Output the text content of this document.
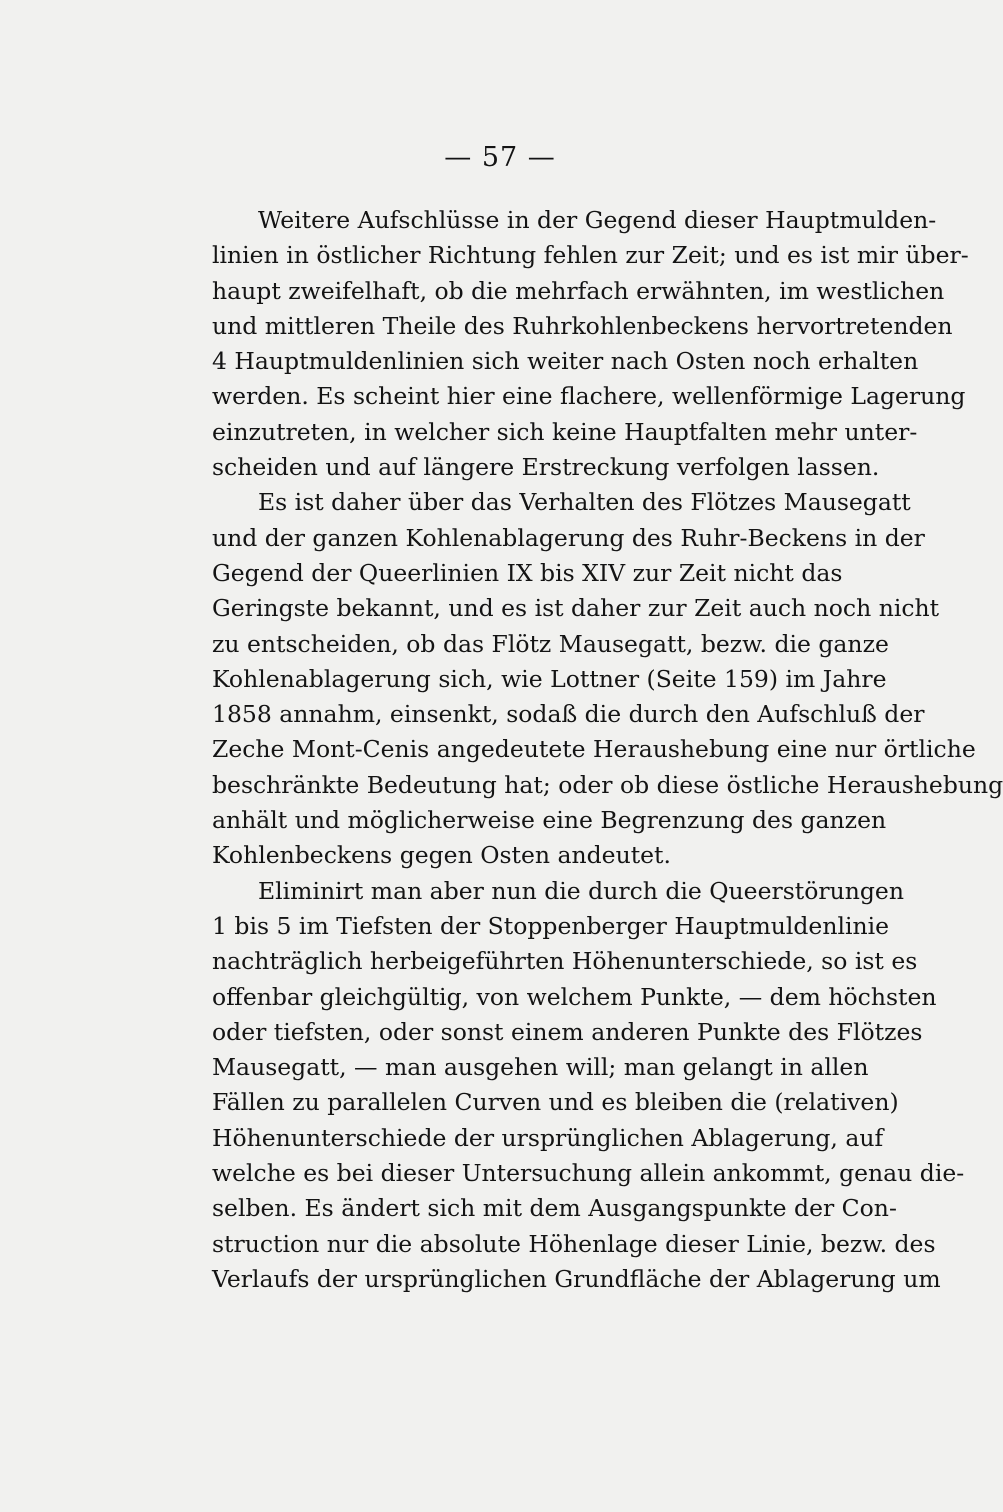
— 57 —
Weitere Aufschlüsse in der Gegend dieser Hauptmulden-
linien in östlicher Richtung fehlen zur Zeit; und es ist mir über-
haupt zweifelhaft, ob die mehrfach erwähnten, im westlichen
und mittleren Theile des Ruhrkohlenbeckens hervortretenden
4 Hauptmuldenlinien sich weiter nach Osten noch erhalten
werden. Es scheint hier eine flachere, wellenförmige Lagerung
einzutreten, in welcher sich keine Hauptfalten mehr unter-
scheiden und auf längere Erstreckung verfolgen lassen.
Es ist daher über das Verhalten des Flötzes Mausegatt
und der ganzen Kohlenablagerung des Ruhr-Beckens in der
Gegend der Queerlinien IX bis XIV zur Zeit nicht das
Geringste bekannt, und es ist daher zur Zeit auch noch nicht
zu entscheiden, ob das Flötz Mausegatt, bezw. die ganze
Kohlenablagerung sich, wie Lottner (Seite 159) im Jahre
1858 annahm, einsenkt, sodaß die durch den Aufschluß der
Zeche Mont-Cenis angedeutete Heraushebung eine nur örtliche
beschränkte Bedeutung hat; oder ob diese östliche Heraushebung
anhält und möglicherweise eine Begrenzung des ganzen
Kohlenbeckens gegen Osten andeutet.
Eliminirt man aber nun die durch die Queerstörungen
1 bis 5 im Tiefsten der Stoppenberger Hauptmuldenlinie
nachträglich herbeigeführten Höhenunterschiede, so ist es
offenbar gleichgültig, von welchem Punkte, — dem höchsten
oder tiefsten, oder sonst einem anderen Punkte des Flötzes
Mausegatt, — man ausgehen will; man gelangt in allen
Fällen zu parallelen Curven und es bleiben die (relativen)
Höhenunterschiede der ursprünglichen Ablagerung, auf
welche es bei dieser Untersuchung allein ankommt, genau die-
selben. Es ändert sich mit dem Ausgangspunkte der Con-
struction nur die absolute Höhenlage dieser Linie, bezw. des
Verlaufs der ursprünglichen Grundfläche der Ablagerung um
